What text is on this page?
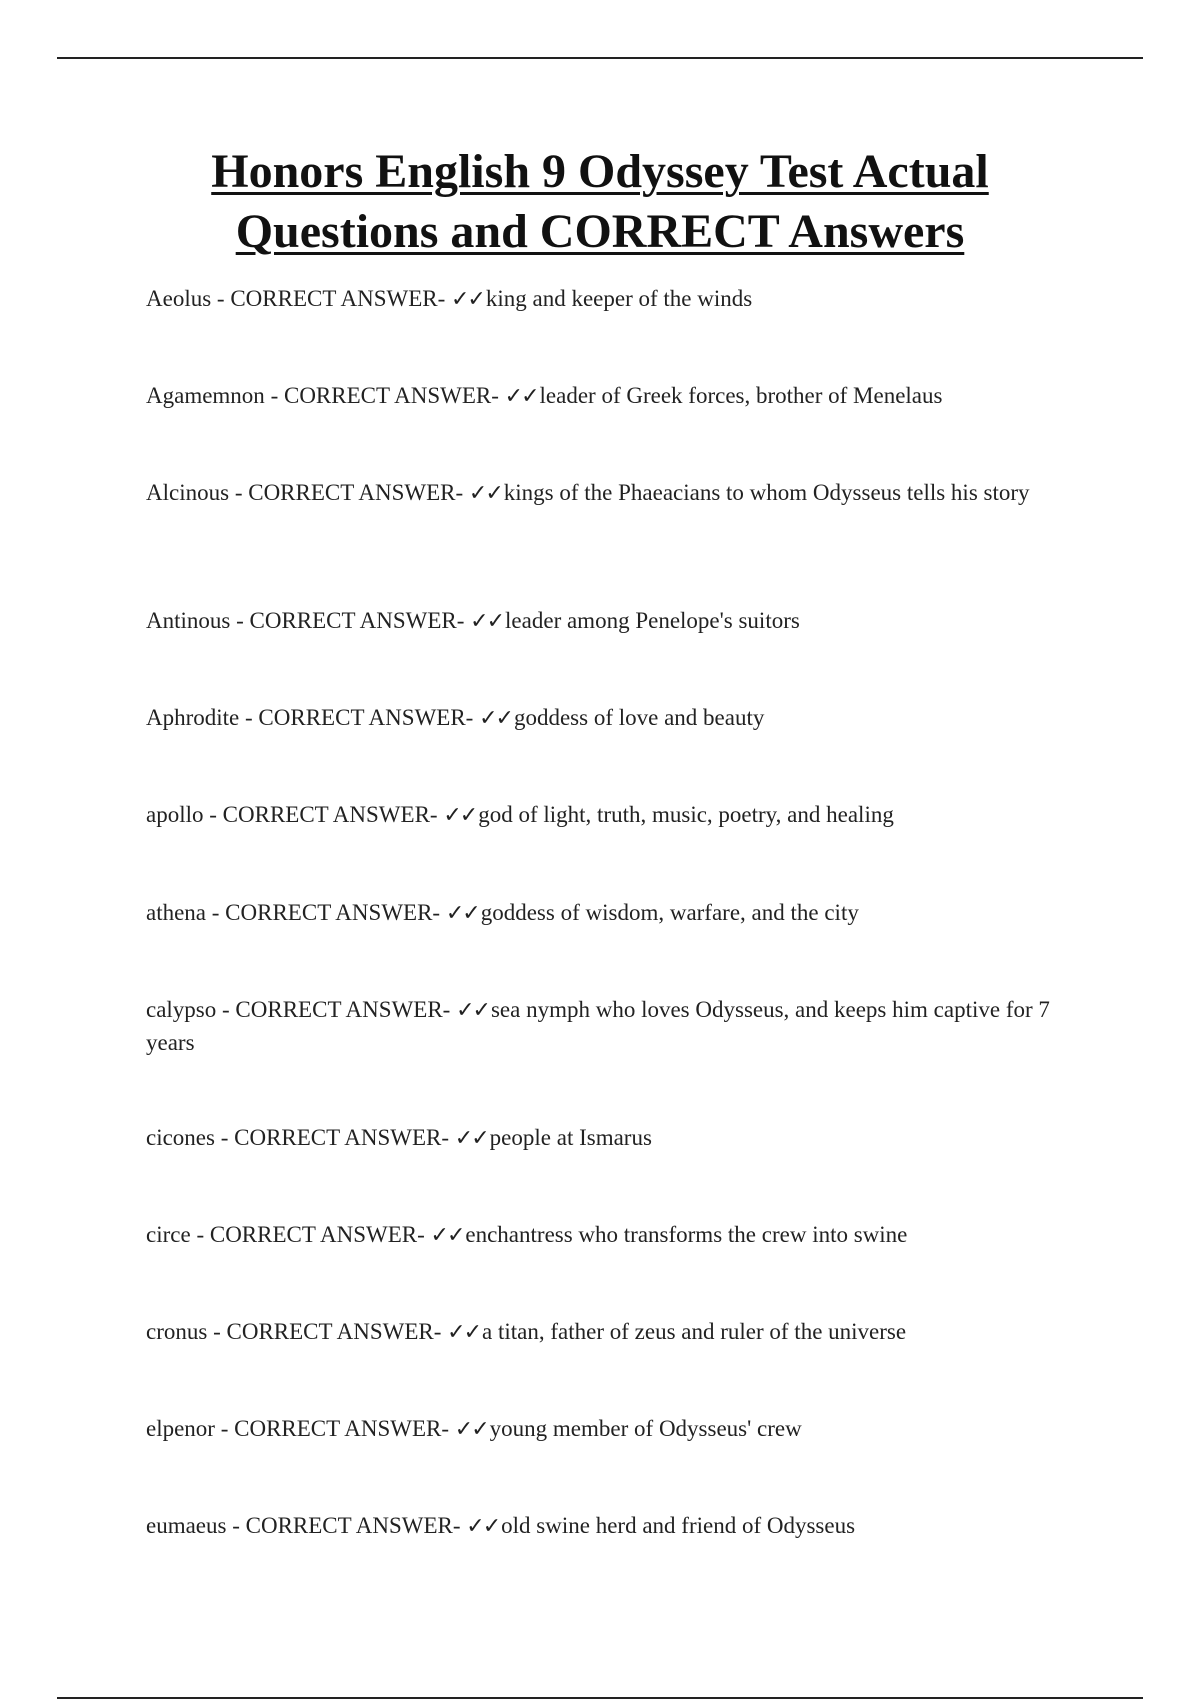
Honors English 9 Odyssey Test Actual
Questions and CORRECT Answers
Aeolus - CORRECT ANSWER- ✓✓king and keeper of the winds
Agamemnon - CORRECT ANSWER- ✓✓leader of Greek forces, brother of Menelaus
Alcinous - CORRECT ANSWER- ✓✓kings of the Phaeacians to whom Odysseus tells his story
Antinous - CORRECT ANSWER- ✓✓leader among Penelope's suitors
Aphrodite - CORRECT ANSWER- ✓✓goddess of love and beauty
apollo - CORRECT ANSWER- ✓✓god of light, truth, music, poetry, and healing
athena - CORRECT ANSWER- ✓✓goddess of wisdom, warfare, and the city
calypso - CORRECT ANSWER- ✓✓sea nymph who loves Odysseus, and keeps him captive for 7 years
cicones - CORRECT ANSWER- ✓✓people at Ismarus
circe - CORRECT ANSWER- ✓✓enchantress who transforms the crew into swine
cronus - CORRECT ANSWER- ✓✓a titan, father of zeus and ruler of the universe
elpenor - CORRECT ANSWER- ✓✓young member of Odysseus' crew
eumaeus - CORRECT ANSWER- ✓✓old swine herd and friend of Odysseus
